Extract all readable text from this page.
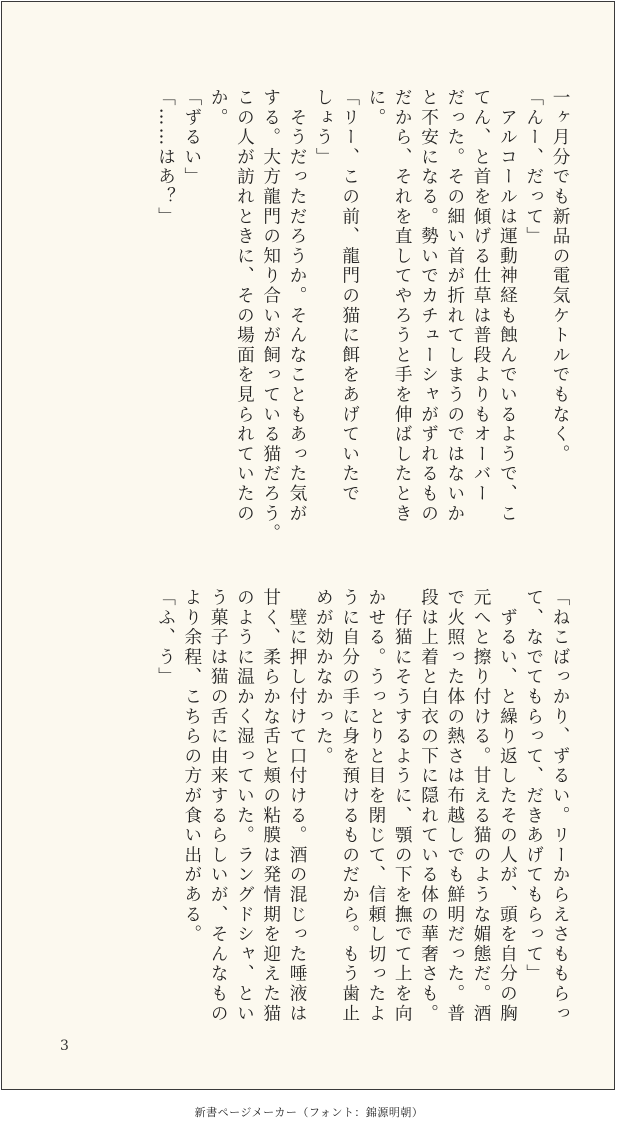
一ヶ月分でも新品の電気ケトルでもなく。

「んー、だって」

　アルコールは運動神経も蝕んでいるようで、こ

てん、と首を傾げる仕草は普段よりもオーバー

だった。その細い首が折れてしまうのではないか

と不安になる。勢いでカチューシャがずれるもの

だから、それを直してやろうと手を伸ばしたとき

に。

「リー、この前、龍門の猫に餌をあげていたで

しょう」

　そうだっただろうか。そんなこともあった気が

する。大方龍門の知り合いが飼っている猫だろう。

この人が訪れときに、その場面を見られていたの

か。

「ずるい」

「……はあ？」

「ねこばっかり、ずるい。リーからえさももらっ

て、なでてもらって、だきあげてもらって」

　ずるい、と繰り返したその人が、頭を自分の胸

元へと擦り付ける。甘える猫のような媚態だ。酒

で火照った体の熱さは布越しでも鮮明だった。普

段は上着と白衣の下に隠れている体の華奢さも。

　仔猫にそうするように、顎の下を撫でて上を向

かせる。うっとりと目を閉じて、信頼し切ったよ

うに自分の手に身を預けるものだから。もう歯止

めが効かなかった。

　壁に押し付けて口付ける。酒の混じった唾液は

甘く、柔らかな舌と頬の粘膜は発情期を迎えた猫

のように温かく湿っていた。ラングドシャ、とい

う菓子は猫の舌に由来するらしいが、そんなもの

より余程、こちらの方が食い出がある。

「ふ、う」

3
新書ページメーカー（フォント：錦源明朝）
